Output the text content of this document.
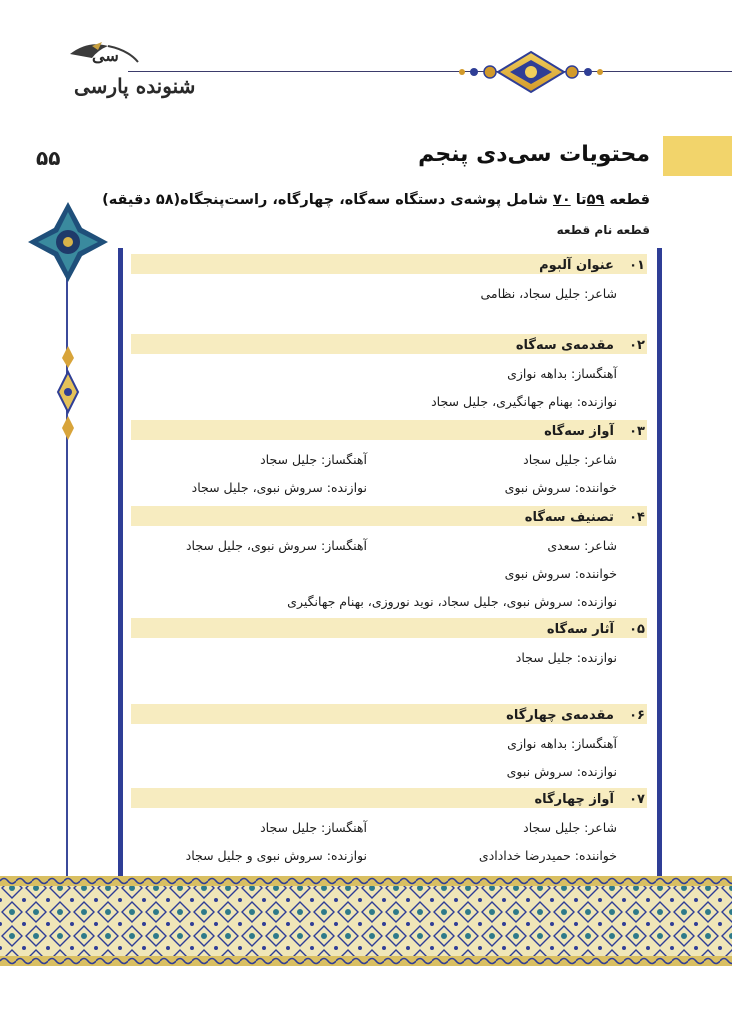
سی
شنونده پارسی
۵۵	محتویات سی‌دی پنجم
قطعه ۵۹تا ۷۰ شامل پوشه‌ی دستگاه سه‌گاه، چهارگاه، راست‌پنجگاه(۵۸ دقیقه)
قطعه نام قطعه
۰۱ عنوان آلبوم
شاعر: جلیل سجاد، نظامی
۰۲ مقدمه‌ی سه‌گاه
آهنگساز: بداهه نوازی
نوازنده: بهنام جهانگیری، جلیل سجاد
۰۳ آواز سه‌گاه
شاعر: جلیل سجاد
آهنگساز: جلیل سجاد
خواننده: سروش نبوی
نوازنده: سروش نبوی، جلیل سجاد
۰۴ تصنیف سه‌گاه
شاعر: سعدی
آهنگساز: سروش نبوی، جلیل سجاد
خواننده: سروش نبوی
نوازنده: سروش نبوی، جلیل سجاد، نوید نوروزی، بهنام جهانگیری
۰۵ آثار سه‌گاه
نوازنده: جلیل سجاد
۰۶ مقدمه‌ی چهارگاه
آهنگساز: بداهه نوازی
نوازنده: سروش نبوی
۰۷ آواز چهارگاه
شاعر: جلیل سجاد
آهنگساز: جلیل سجاد
خواننده: حمیدرضا خدادادی
نوازنده: سروش نبوی و جلیل سجاد
